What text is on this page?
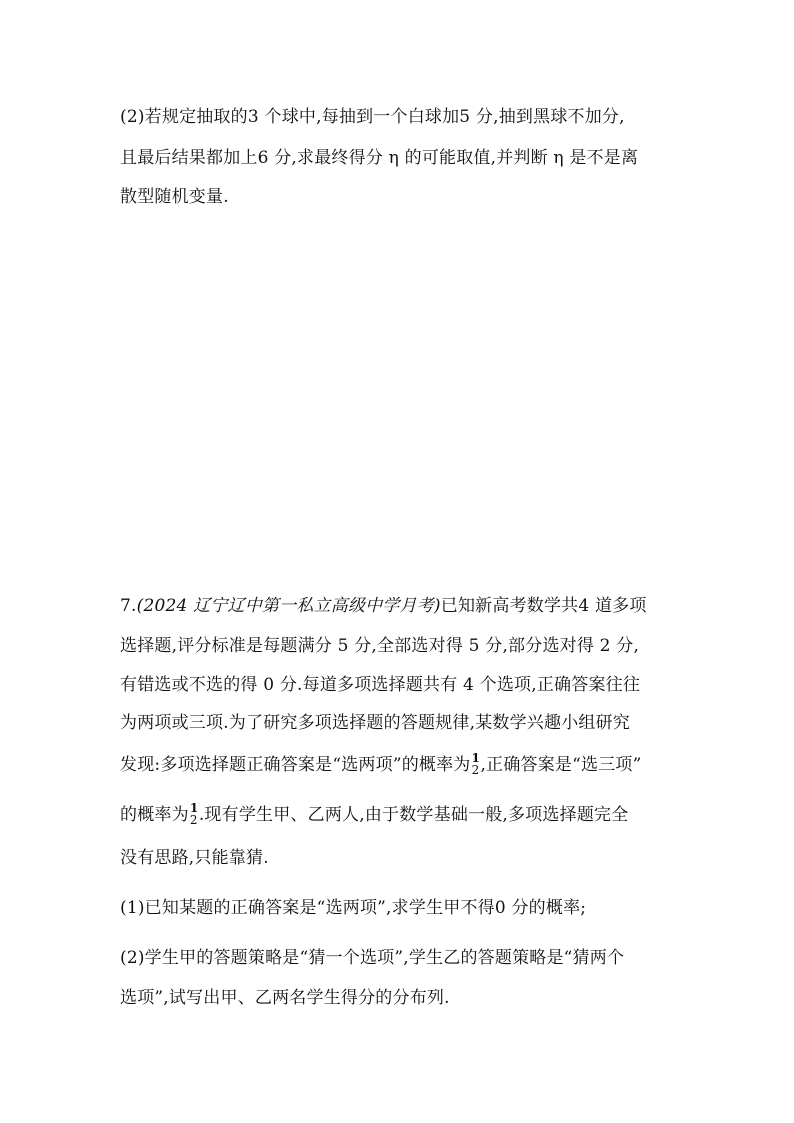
(2)若规定抽取的3 个球中,每抽到一个白球加5 分,抽到黑球不加分,
且最后结果都加上6 分,求最终得分 η 的可能取值,并判断 η 是不是离
散型随机变量.
7.(2024 辽宁辽中第一私立高级中学月考)已知新高考数学共4 道多项
选择题,评分标准是每题满分 5 分,全部选对得 5 分,部分选对得 2 分,
有错选或不选的得 0 分.每道多项选择题共有 4 个选项,正确答案往往
为两项或三项.为了研究多项选择题的答题规律,某数学兴趣小组研究
发现:多项选择题正确答案是“选两项”的概率为 1
2 ,正确答案是“选三项”
的概率为 1
2 .现有学生甲、乙两人,由于数学基础一般,多项选择题完全
没有思路,只能靠猜.
(1)已知某题的正确答案是“选两项”,求学生甲不得0 分的概率;
(2)学生甲的答题策略是“猜一个选项”,学生乙的答题策略是“猜两个
选项”,试写出甲、乙两名学生得分的分布列.
